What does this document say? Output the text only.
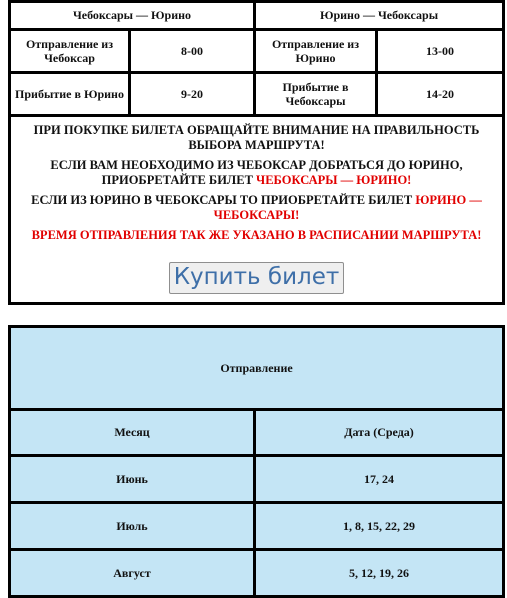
Чебоксары — Юрино		Юрино — Чебоксары	
Отправление из Чебоксар	8-00	Отправление из Юрино	13-00
Прибытие в Юрино	9-20	Прибытие в Чебоксары	14-20

ПРИ ПОКУПКЕ БИЛЕТА ОБРАЩАЙТЕ ВНИМАНИЕ НА ПРАВИЛЬНОСТЬ ВЫБОРА МАРШРУТА!

ЕСЛИ ВАМ НЕОБХОДИМО ИЗ ЧЕБОКСАР ДОБРАТЬСЯ ДО ЮРИНО, ПРИОБРЕТАЙТЕ БИЛЕТ ЧЕБОКСАРЫ — ЮРИНО!

ЕСЛИ ИЗ ЮРИНО В ЧЕБОКСАРЫ ТО ПРИОБРЕТАЙТЕ БИЛЕТ ЮРИНО — ЧЕБОКСАРЫ!

ВРЕМЯ ОТПРАВЛЕНИЯ ТАК ЖЕ УКАЗАНО В РАСПИСАНИИ МАРШРУТА!

Купить билет			
Отправление	
Месяц	Дата (Среда)
Июнь	17, 24
Июль	1, 8, 15, 22, 29
Август	5, 12, 19, 26
